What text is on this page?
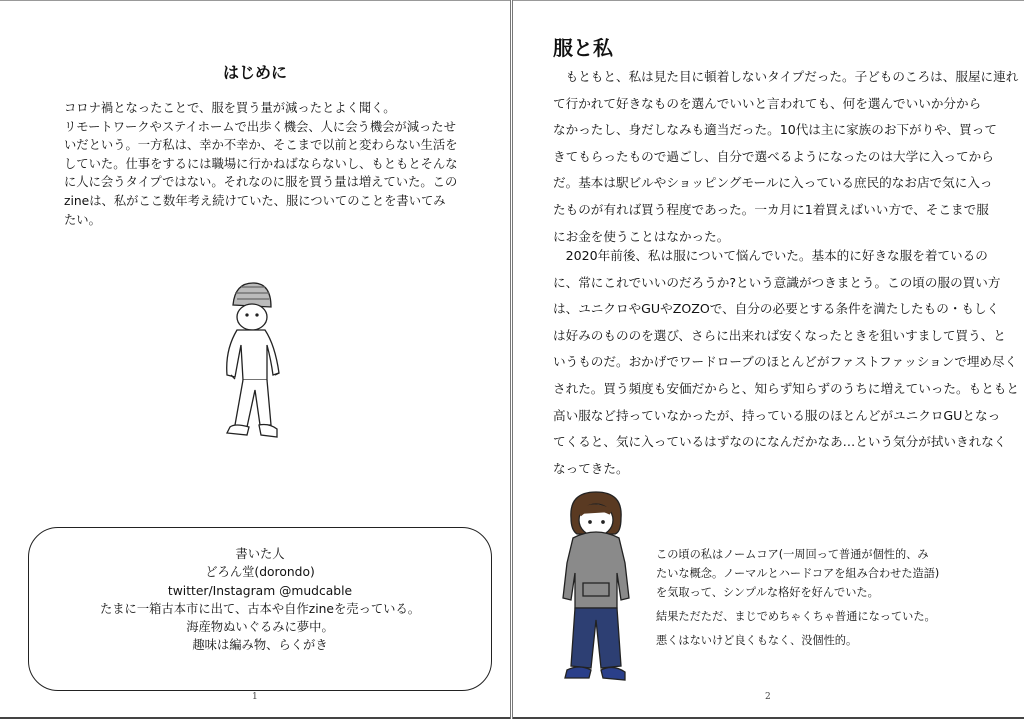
はじめに
コロナ禍となったことで、服を買う量が減ったとよく聞く。
リモートワークやステイホームで出歩く機会、人に会う機会が減ったせ
いだという。一方私は、幸か不幸か、そこまで以前と変わらない生活を
していた。仕事をするには職場に行かねばならないし、もともとそんな
に人に会うタイプではない。それなのに服を買う量は増えていた。この
zineは、私がここ数年考え続けていた、服についてのことを書いてみ
たい。
書いた人
どろん堂(dorondo)
twitter/Instagram @mudcable
たまに一箱古本市に出て、古本や自作zineを売っている。
海産物ぬいぐるみに夢中。
趣味は編み物、らくがき
1
服と私
　もともと、私は見た目に頓着しないタイプだった。子どものころは、服屋に連れ
て行かれて好きなものを選んでいいと言われても、何を選んでいいか分から
なかったし、身だしなみも適当だった。10代は主に家族のお下がりや、買って
きてもらったもので過ごし、自分で選べるようになったのは大学に入ってから
だ。基本は駅ビルやショッピングモールに入っている庶民的なお店で気に入っ
たものが有れば買う程度であった。一カ月に1着買えばいい方で、そこまで服
にお金を使うことはなかった。
　2020年前後、私は服について悩んでいた。基本的に好きな服を着ているの
に、常にこれでいいのだろうか?という意識がつきまとう。この頃の服の買い方
は、ユニクロやGUやZOZOで、自分の必要とする条件を満たしたもの・もしく
は好みのもののを選び、さらに出来れば安くなったときを狙いすまして買う、と
いうものだ。おかげでワードローブのほとんどがファストファッションで埋め尽く
された。買う頻度も安価だからと、知らず知らずのうちに増えていった。もともと
高い服など持っていなかったが、持っている服のほとんどがユニクロGUとなっ
てくると、気に入っているはずなのになんだかなあ…という気分が拭いきれなく
なってきた。
この頃の私はノームコア(一周回って普通が個性的、み
たいな概念。ノーマルとハードコアを組み合わせた造語)
を気取って、シンプルな格好を好んでいた。
結果ただただ、まじでめちゃくちゃ普通になっていた。
悪くはないけど良くもなく、没個性的。
2
